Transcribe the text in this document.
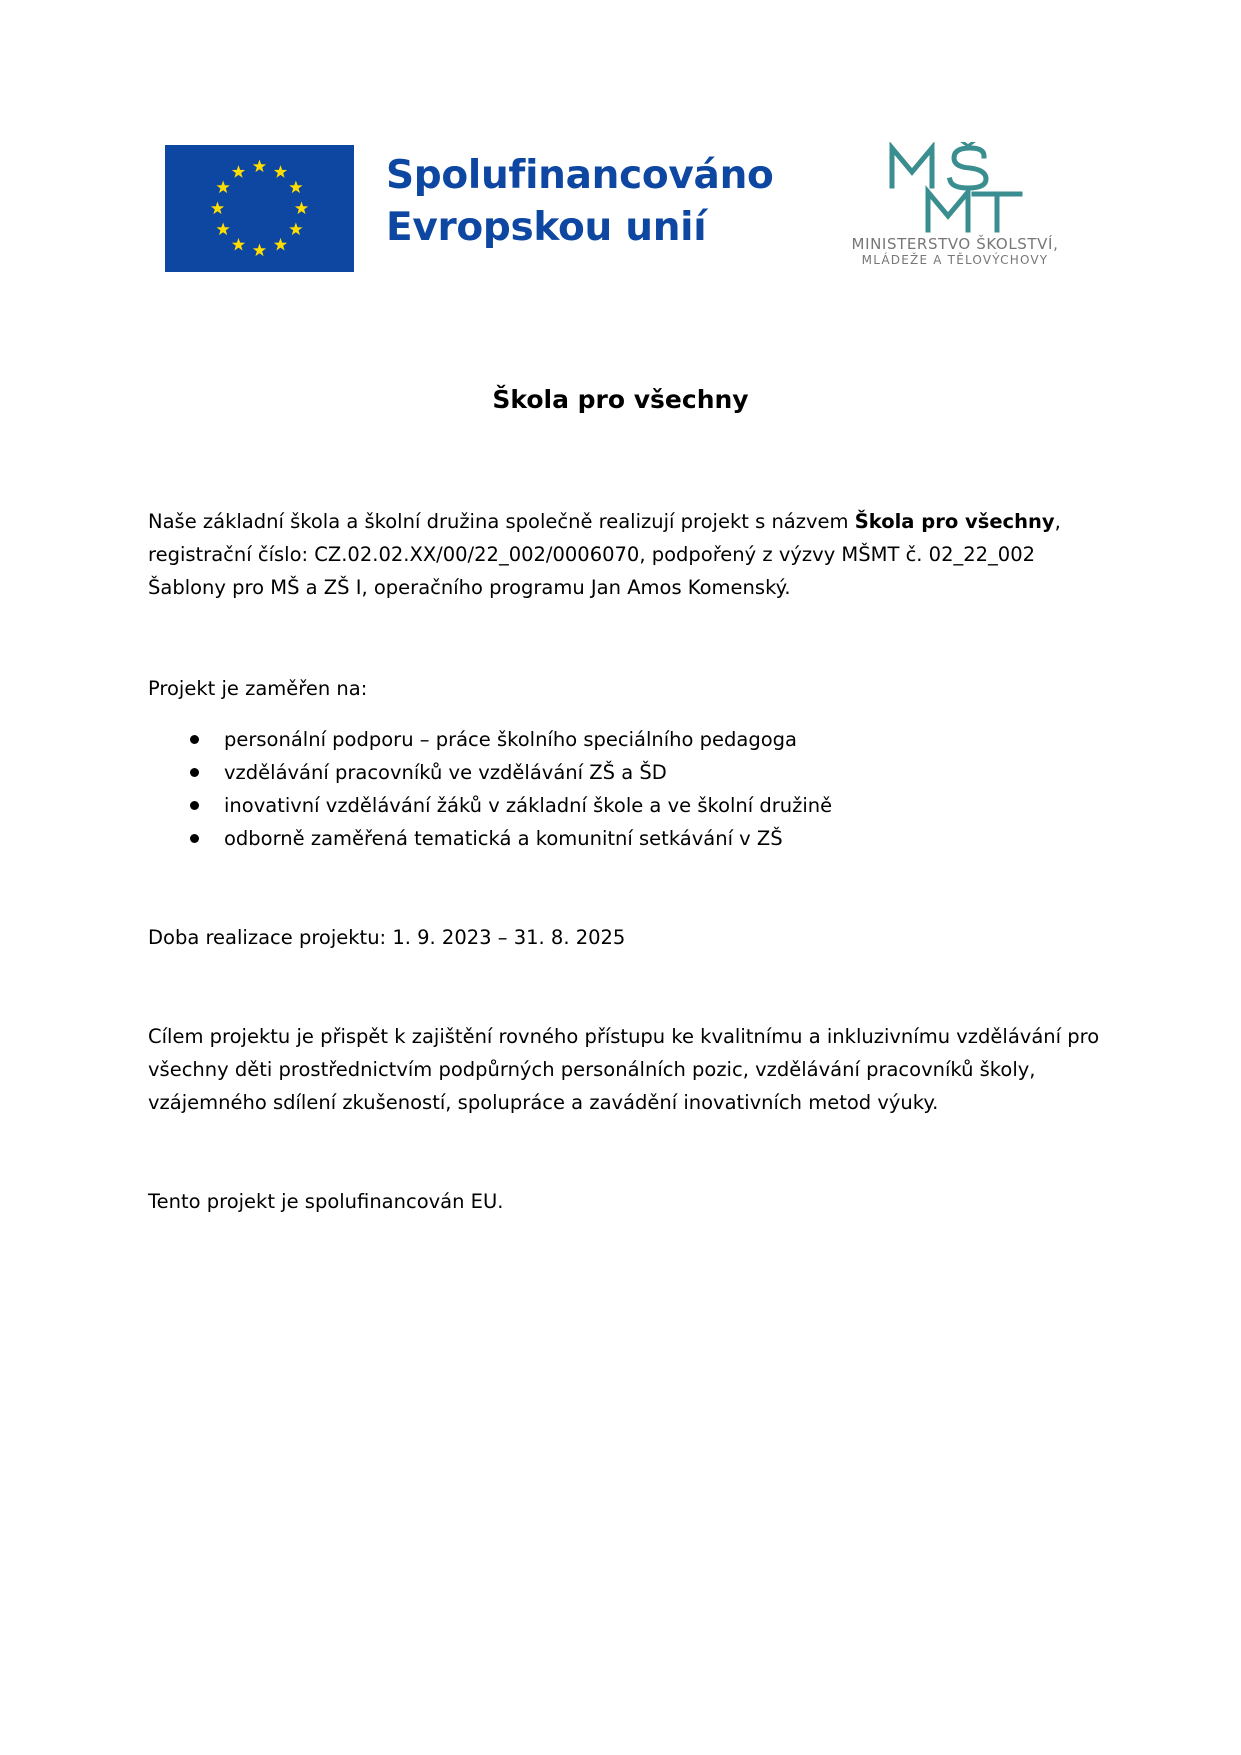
Spolufinancováno
Evropskou unií	MINISTERSTVO ŠKOLSTVÍ,
MLÁDEŽE A TĚLOVÝCHOVY
Škola pro všechny

Naše základní škola a školní družina společně realizují projekt s názvem Škola pro všechny, registrační číslo: CZ.02.02.XX/00/22_002/0006070, podpořený z výzvy MŠMT č. 02_22_002 Šablony pro MŠ a ZŠ I, operačního programu Jan Amos Komenský.

Projekt je zaměřen na:

personální podporu – práce školního speciálního pedagoga
vzdělávání pracovníků ve vzdělávání ZŠ a ŠD
inovativní vzdělávání žáků v základní škole a ve školní družině
odborně zaměřená tematická a komunitní setkávání v ZŠ

Doba realizace projektu: 1. 9. 2023 – 31. 8. 2025

Cílem projektu je přispět k zajištění rovného přístupu ke kvalitnímu a inkluzivnímu vzdělávání pro všechny děti prostřednictvím podpůrných personálních pozic, vzdělávání pracovníků školy, vzájemného sdílení zkušeností, spolupráce a zavádění inovativních metod výuky.

Tento projekt je spolufinancován EU.
